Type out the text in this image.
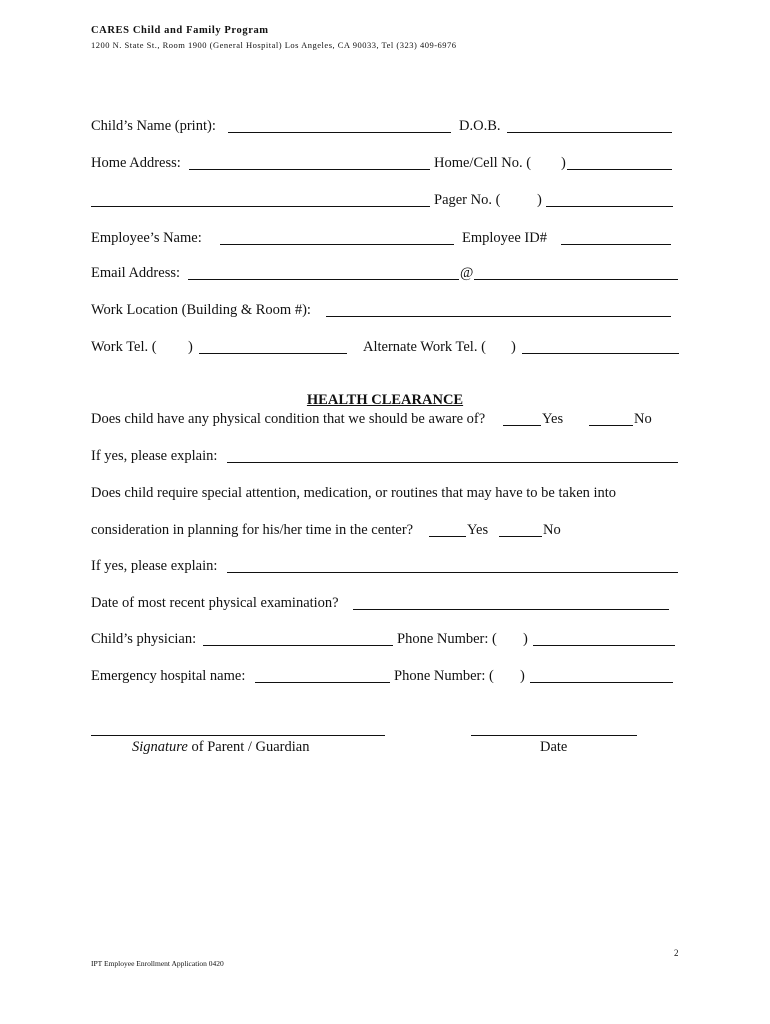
CARES Child and Family Program
1200 N. State St., Room 1900 (General Hospital) Los Angeles, CA 90033, Tel (323) 409-6976
Child’s Name (print):	D.O.B.
Home Address:	Home/Cell No. ( )
Pager No. (	)
Employee’s Name:	Employee ID#
Email Address:	@
Work Location (Building & Room #):
Work Tel. ( )	Alternate Work Tel. ( )
HEALTH CLEARANCE
Does child have any physical condition that we should be aware of?	Yes	No
If yes, please explain:
Does child require special attention, medication, or routines that may have to be taken into
consideration in planning for his/her time in the center?	Yes	No
If yes, please explain:
Date of most recent physical examination?
Child’s physician:	Phone Number: ( )
Emergency hospital name:	Phone Number: ( )
Signature of Parent / Guardian	Date
2
IPT Employee Enrollment Application 0420
